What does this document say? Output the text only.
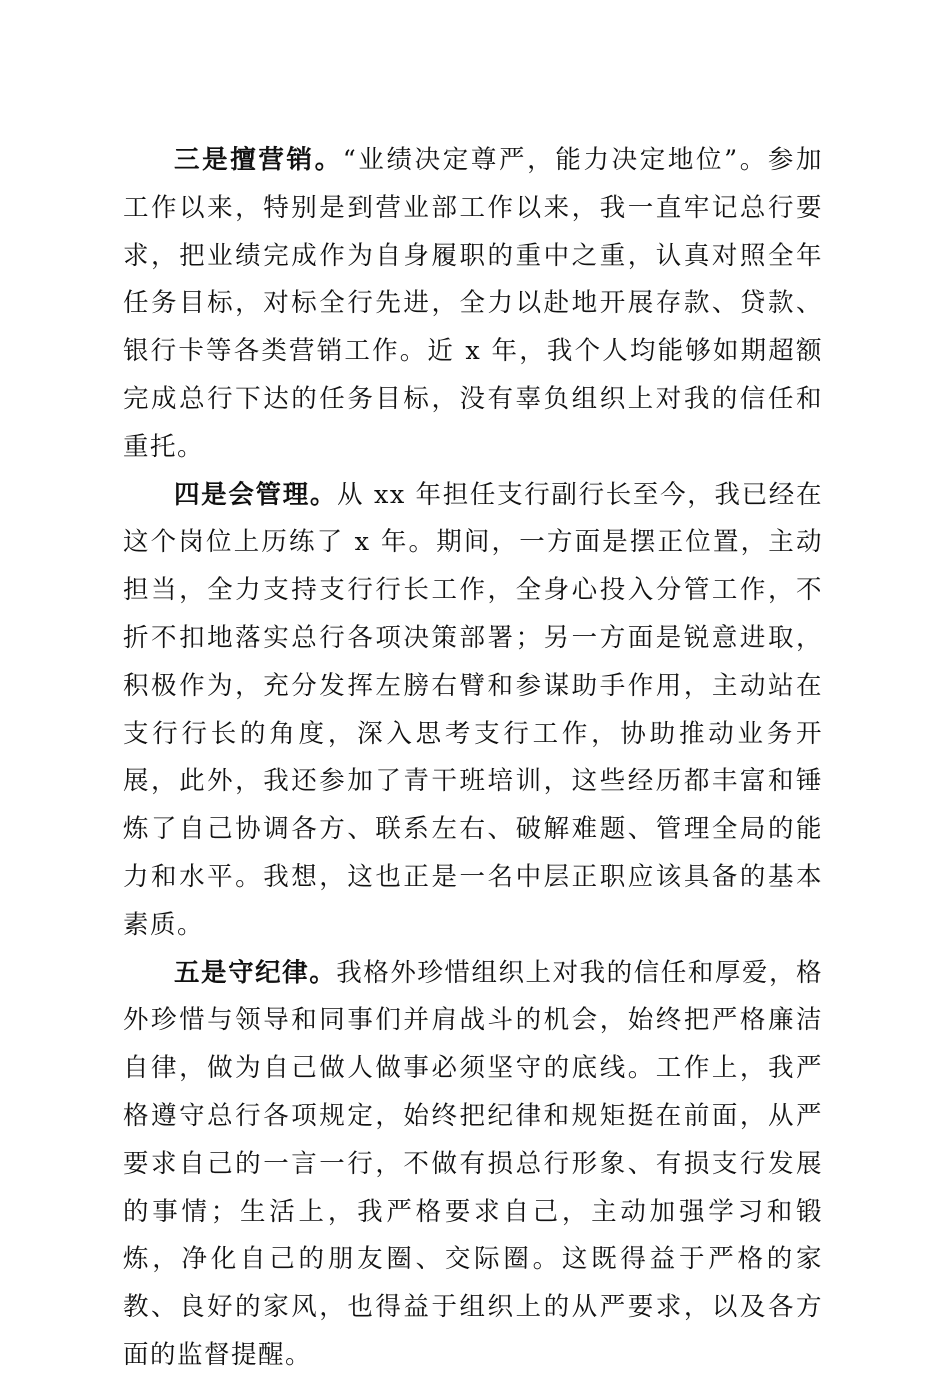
三是擅营销。“业绩决定尊严，能力决定地位”。参加工作以来，特别是到营业部工作以来，我一直牢记总行要求，把业绩完成作为自身履职的重中之重，认真对照全年任务目标，对标全行先进，全力以赴地开展存款、贷款、银行卡等各类营销工作。近 x 年，我个人均能够如期超额完成总行下达的任务目标，没有辜负组织上对我的信任和重托。

四是会管理。从 xx 年担任支行副行长至今，我已经在这个岗位上历练了 x 年。期间，一方面是摆正位置，主动担当，全力支持支行行长工作，全身心投入分管工作，不折不扣地落实总行各项决策部署；另一方面是锐意进取，积极作为，充分发挥左膀右臂和参谋助手作用，主动站在支行行长的角度，深入思考支行工作，协助推动业务开展，此外，我还参加了青干班培训，这些经历都丰富和锤炼了自己协调各方、联系左右、破解难题、管理全局的能力和水平。我想，这也正是一名中层正职应该具备的基本素质。

五是守纪律。我格外珍惜组织上对我的信任和厚爱，格外珍惜与领导和同事们并肩战斗的机会，始终把严格廉洁自律，做为自己做人做事必须坚守的底线。工作上，我严格遵守总行各项规定，始终把纪律和规矩挺在前面，从严要求自己的一言一行，不做有损总行形象、有损支行发展的事情；生活上，我严格要求自己，主动加强学习和锻炼，净化自己的朋友圈、交际圈。这既得益于严格的家教、良好的家风，也得益于组织上的从严要求，以及各方面的监督提醒。
